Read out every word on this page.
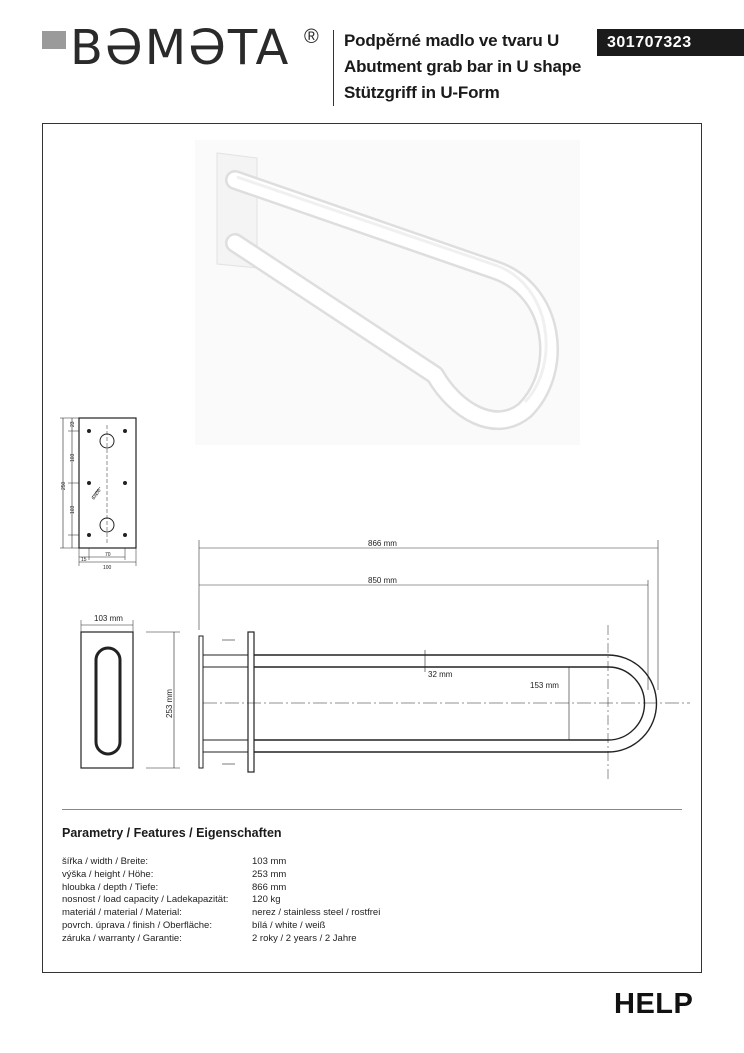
BƏMƏTA ® Podpěrné madlo ve tvaru U
Abutment grab bar in U shape
Stützgriff in U-Form
301707323
23
103
250
103
6xØ6
15
70
100
866 mm
850 mm
103 mm
253 mm
32 mm
153 mm
Parametry / Features / Eigenschaften
šířka / width / Breite:	103 mm
výška / height / Höhe:	253 mm
hloubka / depth / Tiefe:	866 mm
nosnost / load capacity / Ladekapazität:	120 kg
materiál / material / Material:	nerez / stainless steel / rostfrei
povrch. úprava / finish / Oberfläche:	bílá / white / weiß
záruka / warranty / Garantie:	2 roky / 2 years / 2 Jahre
HELP
